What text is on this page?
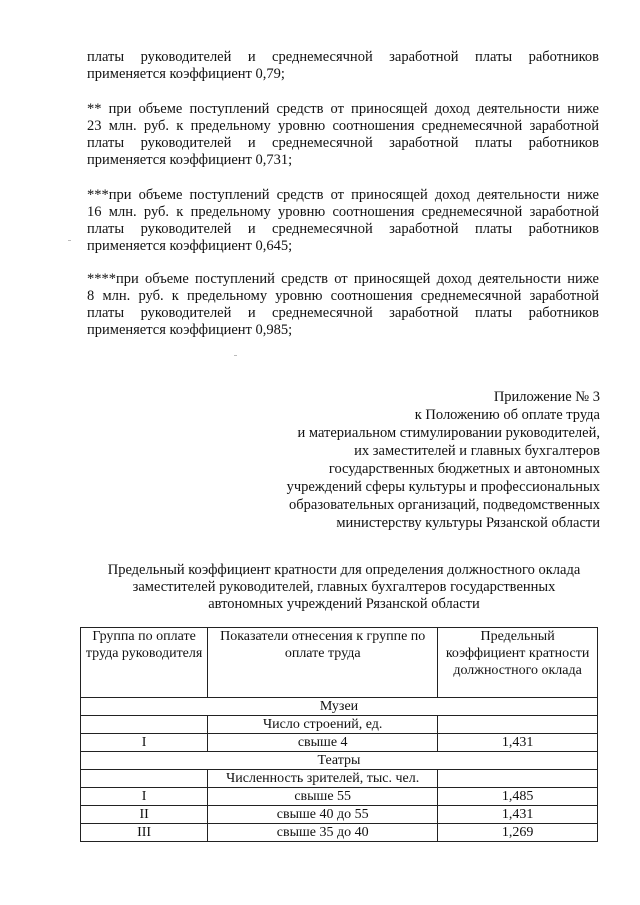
платы руководителей и среднемесячной заработной платы работников
применяется коэффициент 0,79;

** при объеме поступлений средств от приносящей доход деятельности ниже
23 млн. руб. к предельному уровню соотношения среднемесячной заработной
платы руководителей и среднемесячной заработной платы работников
применяется коэффициент 0,731;

***при объеме поступлений средств от приносящей доход деятельности ниже
16 млн. руб. к предельному уровню соотношения среднемесячной заработной
платы руководителей и среднемесячной заработной платы работников
применяется коэффициент 0,645;

****при объеме поступлений средств от приносящей доход деятельности ниже
8 млн. руб. к предельному уровню соотношения среднемесячной заработной
платы руководителей и среднемесячной заработной платы работников
применяется коэффициент 0,985;

Приложение № 3
к Положению об оплате труда
и материальном стимулировании руководителей,
их заместителей и главных бухгалтеров
государственных бюджетных и автономных
учреждений сферы культуры и профессиональных
образовательных организаций, подведомственных
министерству культуры Рязанской области
Предельный коэффициент кратности для определения должностного оклада
заместителей руководителей, главных бухгалтеров государственных
автономных учреждений Рязанской области
Группа по оплате труда руководителя	Показатели отнесения к группе по оплате труда	Предельный коэффициент кратности должностного оклада
Музеи		
	Число строений, ед.	
I	свыше 4	1,431
Театры		
	Численность зрителей, тыс. чел.	
I	свыше 55	1,485
II	свыше 40 до 55	1,431
III	свыше 35 до 40	1,269
